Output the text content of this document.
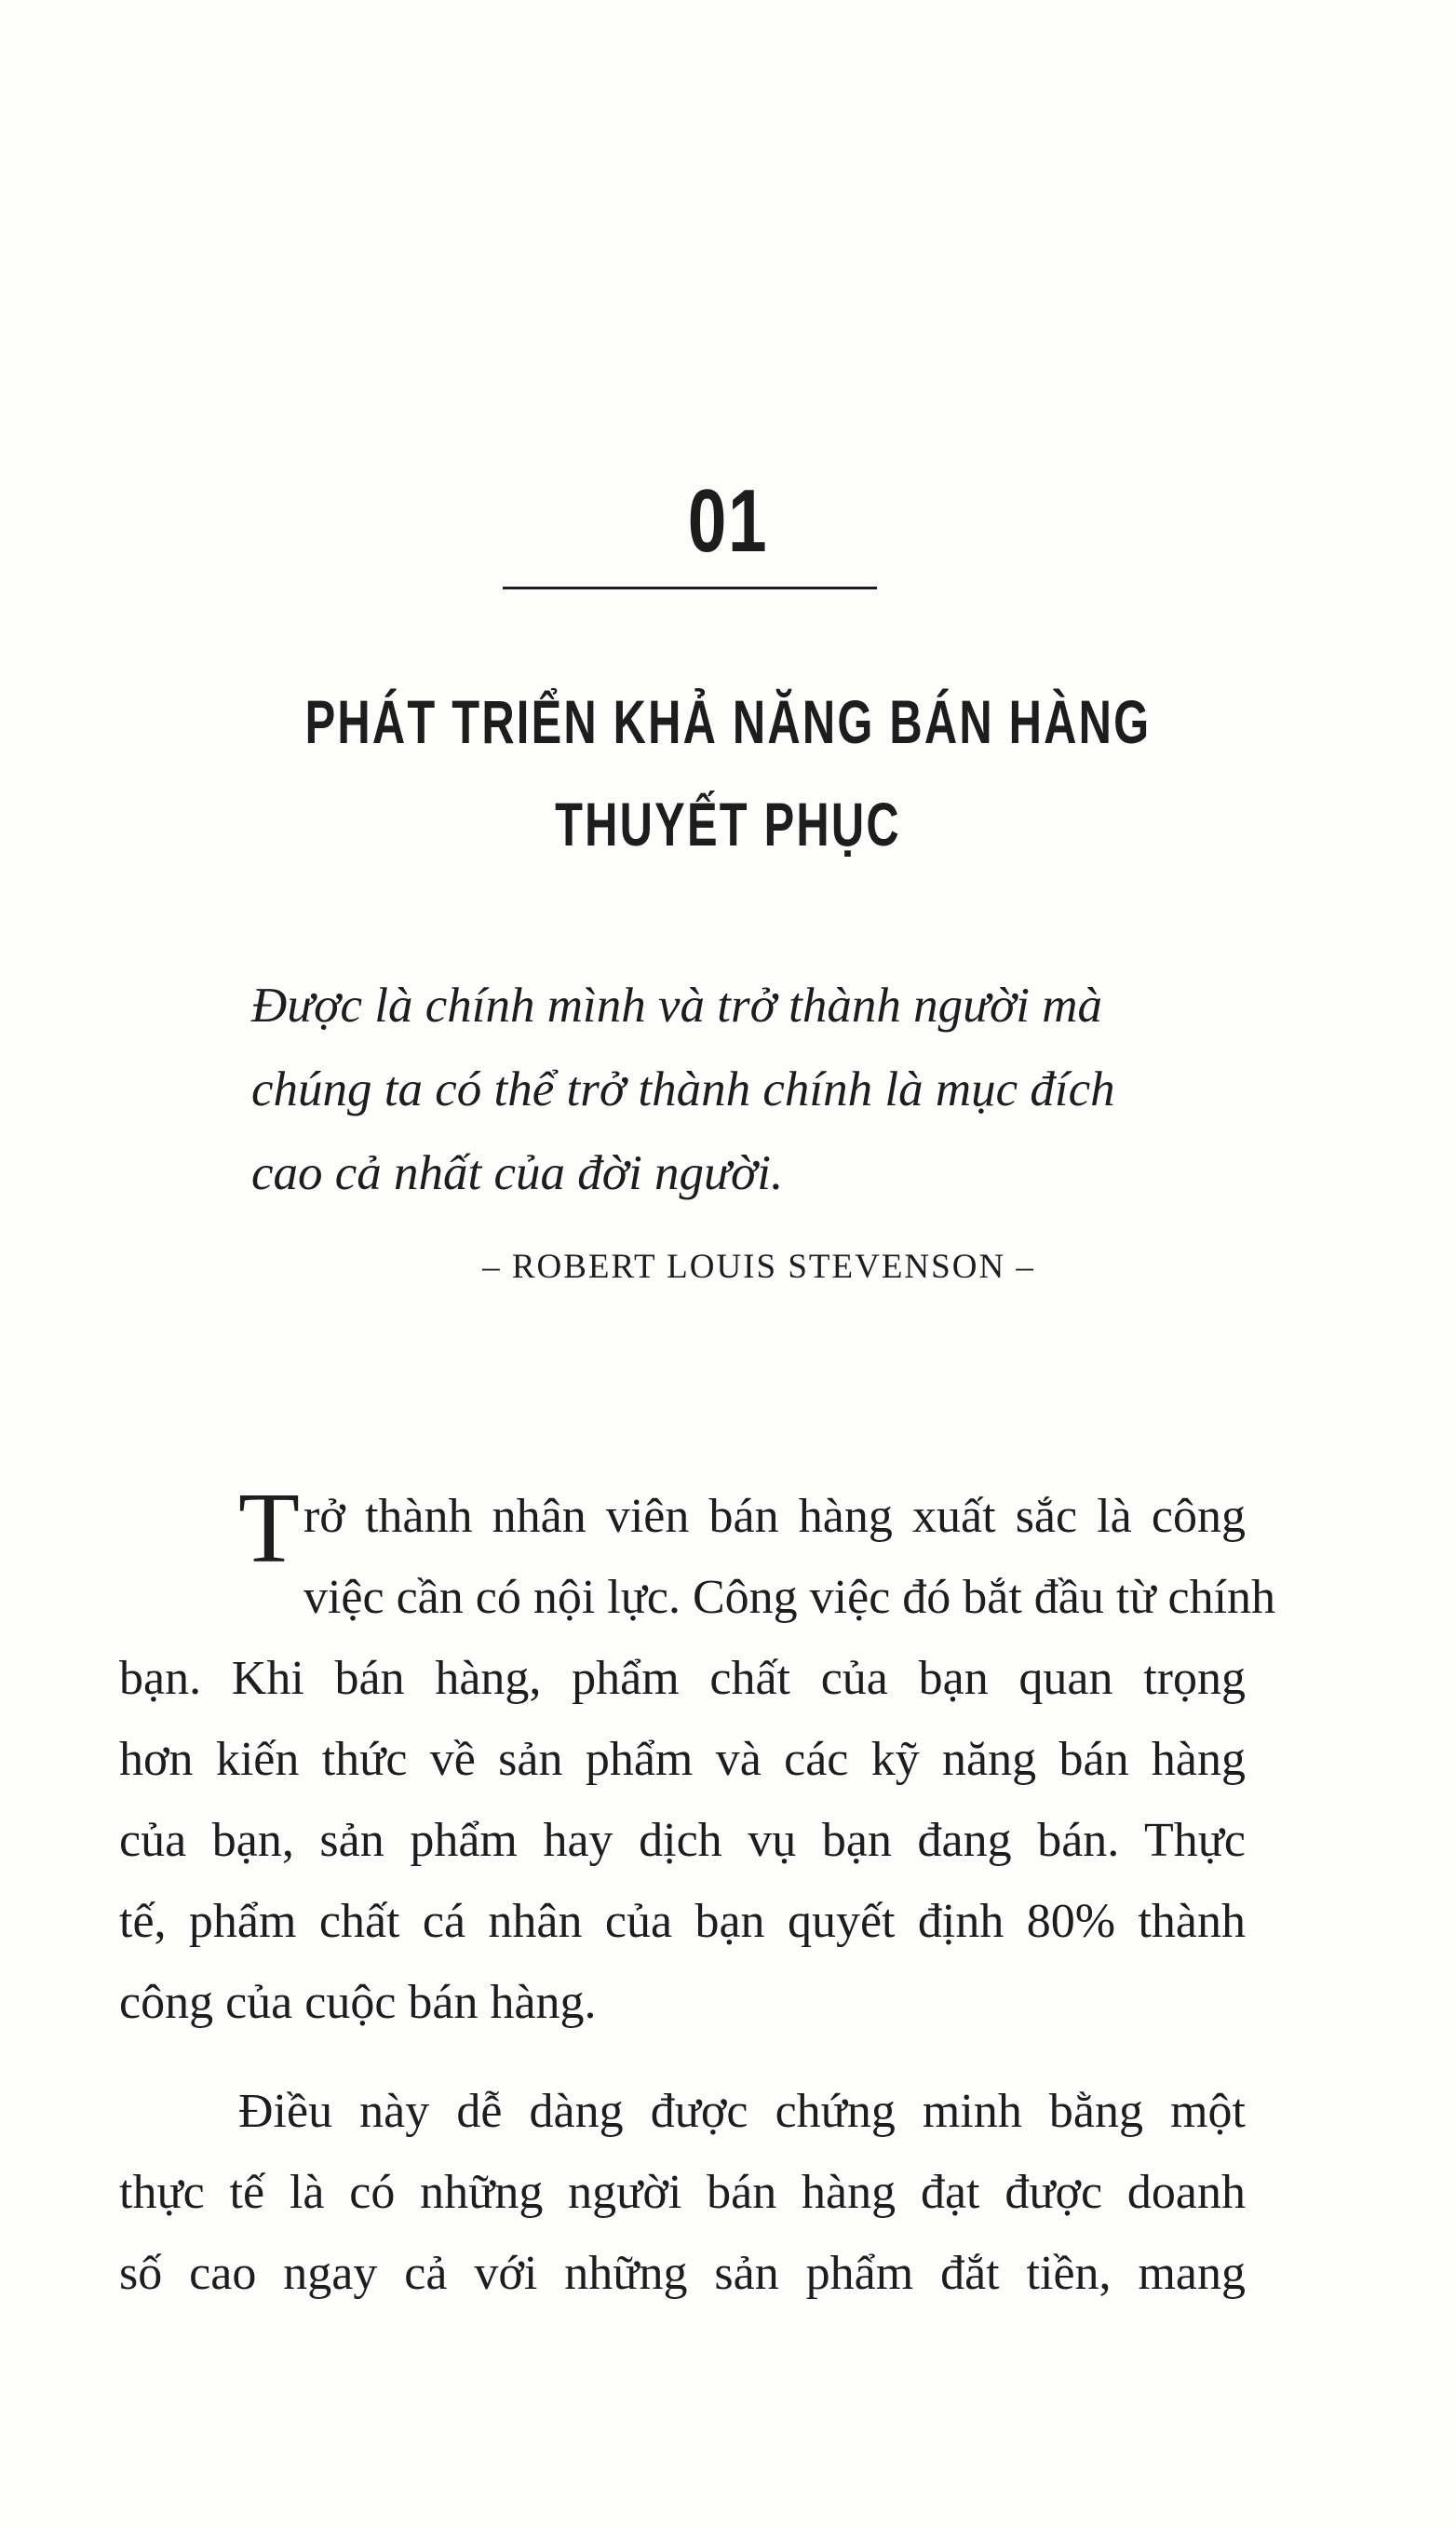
01
PHÁT TRIỂN KHẢ NĂNG BÁN HÀNG
THUYẾT PHỤC
Được là chính mình và trở thành người mà
chúng ta có thể trở thành chính là mục đích
cao cả nhất của đời người.
– ROBERT LOUIS STEVENSON –
T rở thành nhân viên bán hàng xuất sắc là công
việc cần có nội lực. Công việc đó bắt đầu từ chính
bạn. Khi bán hàng, phẩm chất của bạn quan trọng
hơn kiến thức về sản phẩm và các kỹ năng bán hàng
của bạn, sản phẩm hay dịch vụ bạn đang bán. Thực
tế, phẩm chất cá nhân của bạn quyết định 80% thành
công của cuộc bán hàng.
Điều này dễ dàng được chứng minh bằng một
thực tế là có những người bán hàng đạt được doanh
số cao ngay cả với những sản phẩm đắt tiền, mang
